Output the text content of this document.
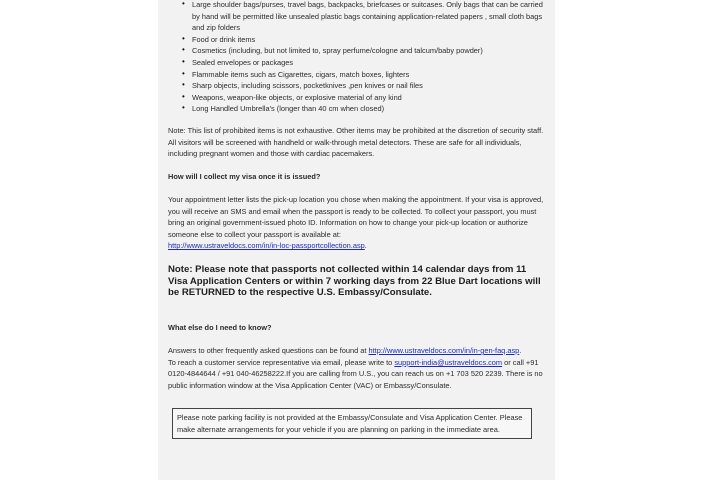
• Large shoulder bags/purses, travel bags, backpacks, briefcases or suitcases. Only bags that can be carried by hand will be permitted like unsealed plastic bags containing application-related papers , small cloth bags and zip folders
• Food or drink items
• Cosmetics (including, but not limited to, spray perfume/cologne and talcum/baby powder)
• Sealed envelopes or packages
• Flammable items such as Cigarettes, cigars, match boxes, lighters
• Sharp objects, including scissors, pocketknives ,pen knives or nail files
• Weapons, weapon-like objects, or explosive material of any kind
• Long Handled Umbrella's (longer than 40 cm when closed)

Note: This list of prohibited items is not exhaustive. Other items may be prohibited at the discretion of security staff. All visitors will be screened with handheld or walk-through metal detectors. These are safe for all individuals, including pregnant women and those with cardiac pacemakers.

How will I collect my visa once it is issued?

Your appointment letter lists the pick-up location you chose when making the appointment. If your visa is approved, you will receive an SMS and email when the passport is ready to be collected. To collect your passport, you must bring an original government-issued photo ID. Information on how to change your pick-up location or authorize someone else to collect your passport is available at:
http://www.ustraveldocs.com/in/in-loc-passportcollection.asp.

Note: Please note that passports not collected within 14 calendar days from 11 Visa Application Centers or within 7 working days from 22 Blue Dart locations will be RETURNED to the respective U.S. Embassy/Consulate.

What else do I need to know?

Answers to other frequently asked questions can be found at http://www.ustraveldocs.com/in/in-gen-faq.asp.
To reach a customer service representative via email, please write to support-india@ustraveldocs.com or call +91 0120-4844644 / +91 040-46258222.If you are calling from U.S., you can reach us on +1 703 520 2239. There is no public information window at the Visa Application Center (VAC) or Embassy/Consulate.

Please note parking facility is not provided at the Embassy/Consulate and Visa Application Center. Please make alternate arrangements for your vehicle if you are planning on parking in the immediate area.
